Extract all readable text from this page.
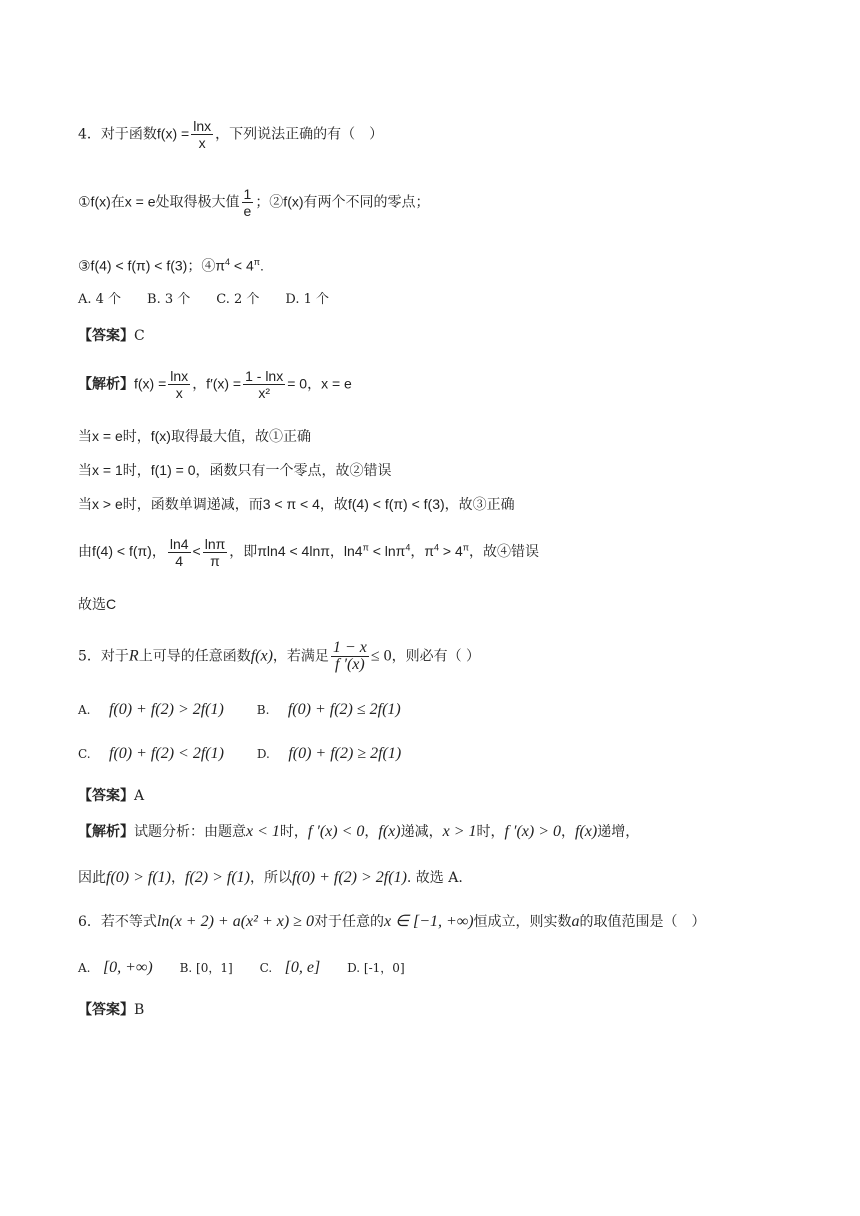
4．对于函数$f(x) = \frac{\ln x}{x}$ ，下列说法正确的有（　）
①f(x)在x = e处取得极大值 $\frac{1}{e}$ ；②f(x)有两个不同的零点；
③f(4) < f(π) < f(3)；$④\pi^4 < 4^\pi$.
A. 4 个　　B. 3 个　　C. 2 个　　D. 1 个
【答案】C
【解析】$f(x) = \frac{\ln x}{x}$ ，$f'(x) = \frac{1 - \ln x}{\text{x²}} = 0$，x = e
当x = e时，f(x)取得最大值，故①正确
当x = 1时，f(1) = 0，函数只有一个零点，故②错误
当x > e时，函数单调递减，而3 < π < 4，故f(4) < f(π) < f(3)，故③正确
由f(4) < f(π)， $\frac{\ln 4}{4} < \frac{\ln\pi}{\pi}$ ，即πln4 < 4lnπ，$\ln 4^\pi < \ln\pi^4$，$\pi^4 > 4^\pi$，故④错误
故选C
5．对于R上可导的任意函数f(x)，若满足 $\frac{1 - x}{f '(x)} \le 0$，则必有（ ）
A. f(0) + f(2) > 2f(1)	B. f(0) + f(2) ≤ 2f(1)
C. f(0) + f(2) < 2f(1)	D. f(0) + f(2) ≥ 2f(1)
【答案】A
【解析】试题分析：由题意x < 1时，f ′(x) < 0，f(x)递减，x > 1时，f ′(x) > 0，f(x)递增，
因此f(0) > f(1)，f(2) > f(1)，所以f(0) + f(2) > 2f(1). 故选 A.
6．若不等式ln(x + 2) + a(x² + x) ≥ 0对于任意的x ∈ [−1, +∞)恒成立，则实数a的取值范围是（　）
A. [0, +∞) B. [0，1] C. [0, e] D. [-1，0]
【答案】B
